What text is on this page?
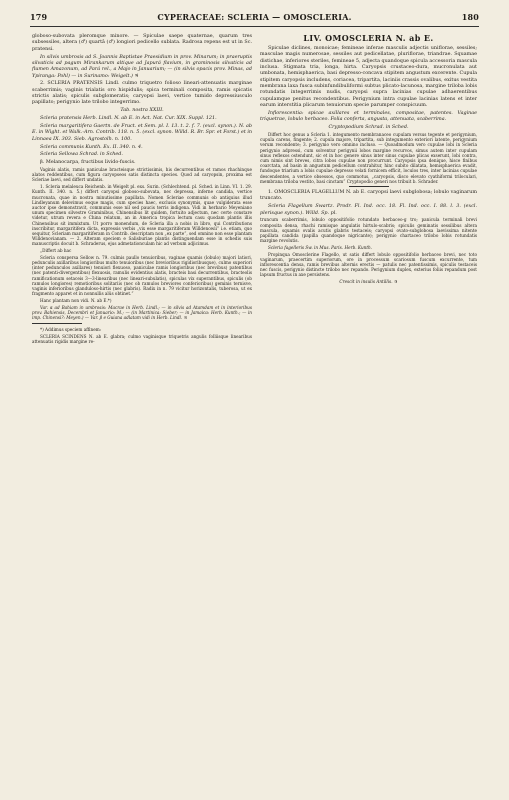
179	CYPERACEAE: SCLERIA — OMOSCLERIA.	180

globoso-subovata pleromque minore. — Spiculae saepe quaternae, quarum tres subsessiles, altera (♂) quartâ (♂) longiori pedicello sublata. Radrosa repens est ut in Sc. pratensi.

In silvis umbrosis ad S. Joannis Baptistae Praesidium in prov. Minarum; in praeruptis silvaticis ad pagum Mirankarum altique ad Japurá flavium, in graminosis silvaticis ad flumen Amazonum, ad Pará rel., a Majo in Januarium; — (in silvis opacis prov. Minas, ad Ypiranga: Pohl) — in Surinamo: Weigelt.) ♃

2. SCLERIA PRATENSIS Lindl. culmo triquetro folioso lineari-attenuatis marginae scaberrimis; vaginis trialatis oro hispidulis; spica terminali composita, ramis spicatis strictis alatis; spiculis subglomeratis; caryopsi laevi, vertice tumido depressiusculo papillato; perigynio late trilobo integerrimo.

Tab. nostra XXIII.

Scleria pratensis Herb. Lindl. N. ab E. in Act. Nat. Cur. XIX. Suppl. 121.

Scleria margaritifera Gaertn. de Fruct. et Sem. pl. I. 13. t. 2. f. 7. (excl. synon.). N. ab E. in Wight. et Walk.-Arn. Contrib. 118. n. 5. (excl. synon. Willd. R. Br. Spr. et Forst.) et in Linnaea IX. 303. Sieb. Agrostolh. n. 100.

Scleria communis Kunth. Ex. II. 340. n. 4.

Scleria Sellowa Schrad. in Sched.

β. Melanocarpa, fructibus livido-fuscis.

Vaginis alatis, ramis paniculae bracteisque strictissimis, his decurrentibus et ramos rhachinque alatos reddentibus, cum figura caryopseos satis distincta species. Quod ad caryopsin, proxima est Scleriae laevi, sed differt undatis.

1. Scleria melaleuca Reichenb. in Weigelt pl. exs. Surin. (Schlechtend. pl. Sched. in Linn. VI. 1. 29. Kunth. II. 340. n. 5.) differt caryopsi globoso-subovata, nec depressa, inferne candida, vertice mucronata, quae in nostra minutissime papillata. Nomen Scleriae communis ob antiquius illud Lindleyanum delevimus eoque magis, cum species haec, exclusis synonymis, quae vulgiderata esse auctor ipse demonstravit, communis esse nil sed paucis terris indigena. Vidi in herbario Meyeniano unum specimen silvestre Graminibus, Chinensibus lit quidem, fortuito adjectum, nec certe constare videtur, utrum revera e China relatum, an in America tropica lectum casu quodam plantis illis Chinensibus sit immixtum. Ut porro monendum, de Scleria illa a nobis in libro, qui Contributions inscribitur, margaritifera dicta, expressis verbis „vix esse margaritiferam Willdenowii“ i.e. etiam, quo sequitur, Scleriam margaritiferam in Contrib. descriptam non „ex parte“, sed omnino non esse plantam Willdenovianam. — 2. Alteram speciem e Salisburiae plantis distinguendam esse in schedis suis manuscriptis docuit b. Schraderus, ejus admetationculam hic ad verbum adjicimus.

„Differt ab hac

Scleria conspersa Sellow n. 79. culmis paullo tenuioribus, vaginae quamis (lobulo) majori latiori, pedunculis axillaribus longioribus multo tenuioribus (nec brevioribus rigidioribusque), culmo superiori (inter pedunculos axillares) tenuiori flexuoso, paniculae ramis longioribus (nec brevibus) patentibus (nec patenti-divergentibus) flexuosis, ramulis evidentius alatis, bracteis basi decurrentibus, bracteolis ramificationum setaceis 3—3-linearibus (nec lineari-subulatis), spiculas vix superantibus, spiculis (ob ramulos longiores) remotioribus solitariis (nec ob ramulos breviores conferioribus) geminis ternisve, vaginis inferioribus glanduloso-hirtis (nec glabris). Radix in n. 79 vicitur horizontalis, tuberosa, ut ex fragmento apparet et in nonnullis alüs obtinet.“

Hanc plantam non vidi. N. ab E.*)

Var. α ad Bahiam in umbrosis: Macrae in Herb. Lindl.; — in silvis ad Atamdam et in interioribus prov. Bahiensis, Decembri et Januario: M.; — (in Martinica: Sieber; — in Jamaica: Herb. Kunth.; — in imp. Chinensi?: Meyen.) — Var. β e Guiana adlatam vidi in Herb. Lindl. ♃

*) Addimus speciem affinem:

SCLERIA SCINDENS N. ab E. glabra; culmo vaginisque triquetris angulis folliisque linearibus attenuatis rigidis margine re-

LIV. OMOSCLERIA N. ab E.

Spiculae diclines, monoicae; femineae inferae masculis adjectis uniflorae, sessiles; masculae magis numerosae, sessiles aut pedicellatae, pluriflorae, triandrae. Squamae distichae, inferiores steriles, femineae 5, adjecta quandoque spicula accessoria mascula inclusa. Stigmata tria, longa, hirta. Caryopsis crustaceo-dura, mucronulata aut umbonata, hemisphaerica, basi depresso-concava stipitem angustum excerente. Cupula stipitem caryopsis includens, coriacea, tripartita, laciniis crassis ovalibus, exitus vestita membrana laxa fusca subinfundibuliformi subtus plicato-lacunosa, margine triloba lobis rotundatis integerrimis nudis, caryopsi supra lacinias cupulae adhaerentibus cupulamque penitus recondentibus. Perigynium intra cupulae lacinias latens et inter earum interstitia plicarum tenuiorum specie parumper conspicuum.

Inflorescentia: spicae axillares et terminales, compositae, patentes. Vaginae triquetrae, lobulo herbaceo. Folia conferta, angusta, attenuata, scaberrima.

Cryptopodium Schrad. in Sched.

Differt hoc genus a Scleria 1. integumento membranaceo cupulam versus tegente et perigynium, cupula carens, fingente; 2. cupula majore, tripartita, sub integumento exteriori latente, perigynium verum recondente; 3. perigynio vero omnino incluso. — Quoadmodum vero cupulae lobi in Scleria perigynio adpressi, cum solventur perigynii lobos margine recurvos, simus autem inter cupulam sinus reflexos ostendunt, sic et in hoc genere sinus inter sinus cupulae plicas exserunt, lobi contra, cum nimis sint breves, citra lobos cupulae non procurrunt. Caryopsis ipsa denique, hisce finibus coarctata, ad basin in angustum pedicellum contrahitur, hinc subito dilatata, hemisphaerica evadit, fundoque triarium a lobis cupulae depresso velati fornicem efficit, loculos tres, inter lacinias cupulae descendentes, a vertice obsessos, quo commotus, „caryopsis, disco elevato cyathiformi triloculari, membrana triloba vestito, basi cinctam“ Cryptopodio generi nos tribuit b. Schrader.

1. OMOSCLERIA FLAGELLUM N. ab E. caryopsi laevi subglobosa; lobulo vaginarum truncato.

Scleria Flagellum Swartz. Prodr. Fl. Ind. occ. 18. Fl. Ind. occ. I. 88. l. 3. (excl. plerisque synon.). Willd. Sp. pl.

truncum scaberrimis, lobulo oppositifolio rotundato herbaceo-g tro; panicula terminali brevi composita densa, rhachi ramisque angulatis hirtulo-scabris; spiculis geminatis sessilibus altera mascula, squamis ovalis acutis glabris testaceis; caryopsi ovato-subglobosa laevissima nitente papillata candida (papilla quandoque nigricante); perigynio chartaceo trilobo lobis rotundatis margine revolutis.

Scleria fagelleris Sw. in Mus. Paris. Herb. Kunth.

Propinqua Omosclerine Flagello, ut satis differt lobulo oppositifolio herbaceo brevi, nec toto vaginarum, praecertim superiorum, ore in processum scariosum fuscum excurrente, tum inflorescentia densa, ramis brevibus alternis erectis — patulis nec patentissimis, spiculis testaceis nec fuscis, perigynio distincte trilobo nec repando. Perigynium duplex, exterius foliis repandum post lapsum fructus in axe persistens.

Crescit in insulis Antillis. ♃
